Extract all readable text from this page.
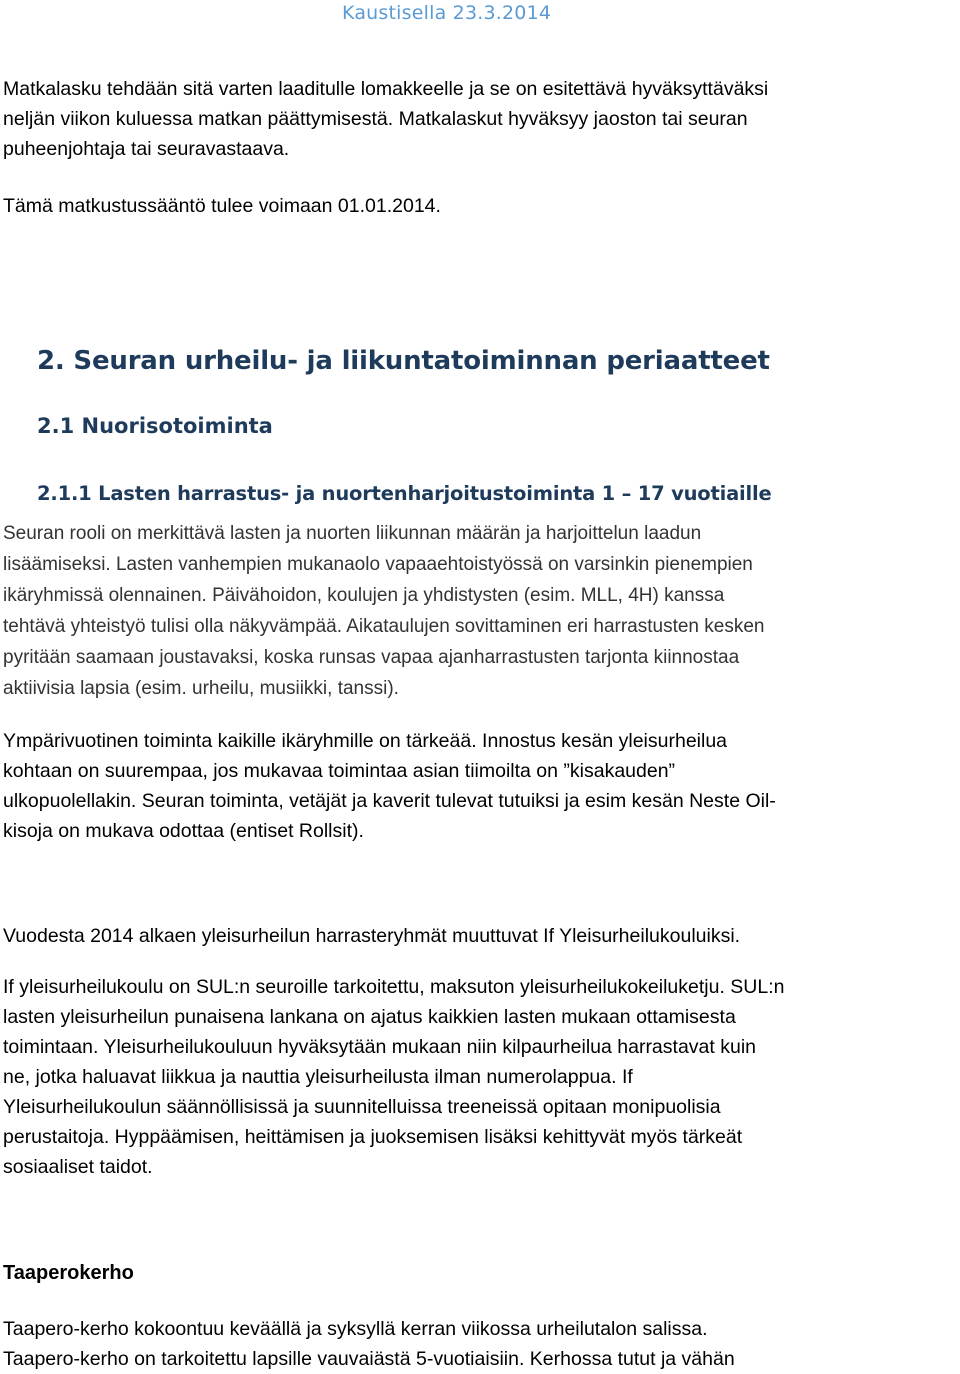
Kaustisella 23.3.2014
Matkalasku tehdään sitä varten laaditulle lomakkeelle ja se on esitettävä hyväksyttäväksi
neljän viikon kuluessa matkan päättymisestä. Matkalaskut hyväksyy jaoston tai seuran
puheenjohtaja tai seuravastaava.
Tämä matkustussääntö tulee voimaan 01.01.2014.
2. Seuran urheilu- ja liikuntatoiminnan periaatteet
2.1 Nuorisotoiminta
2.1.1 Lasten harrastus- ja nuortenharjoitustoiminta 1 – 17 vuotiaille
Seuran rooli on merkittävä lasten ja nuorten liikunnan määrän ja harjoittelun laadun
lisäämiseksi. Lasten vanhempien mukanaolo vapaaehtoistyössä on varsinkin pienempien
ikäryhmissä olennainen. Päivähoidon, koulujen ja yhdistysten (esim. MLL, 4H) kanssa
tehtävä yhteistyö tulisi olla näkyvämpää. Aikataulujen sovittaminen eri harrastusten kesken
pyritään saamaan joustavaksi, koska runsas vapaa ajanharrastusten tarjonta kiinnostaa
aktiivisia lapsia (esim. urheilu, musiikki, tanssi).
Ympärivuotinen toiminta kaikille ikäryhmille on tärkeää. Innostus kesän yleisurheilua
kohtaan on suurempaa, jos mukavaa toimintaa asian tiimoilta on ”kisakauden”
ulkopuolellakin. Seuran toiminta, vetäjät ja kaverit tulevat tutuiksi ja esim kesän Neste Oil-
kisoja on mukava odottaa (entiset Rollsit).
Vuodesta 2014 alkaen yleisurheilun harrasteryhmät muuttuvat If Yleisurheilukouluiksi.
If yleisurheilukoulu on SUL:n seuroille tarkoitettu, maksuton yleisurheilukokeiluketju. SUL:n
lasten yleisurheilun punaisena lankana on ajatus kaikkien lasten mukaan ottamisesta
toimintaan. Yleisurheilukouluun hyväksytään mukaan niin kilpaurheilua harrastavat kuin
ne, jotka haluavat liikkua ja nauttia yleisurheilusta ilman numerolappua. If
Yleisurheilukoulun säännöllisissä ja suunnitelluissa treeneissä opitaan monipuolisia
perustaitoja. Hyppäämisen, heittämisen ja juoksemisen lisäksi kehittyvät myös tärkeät
sosiaaliset taidot.
Taaperokerho
Taapero-kerho kokoontuu keväällä ja syksyllä kerran viikossa urheilutalon salissa.
Taapero-kerho on tarkoitettu lapsille vauvaiästä 5-vuotiaisiin. Kerhossa tutut ja vähän
